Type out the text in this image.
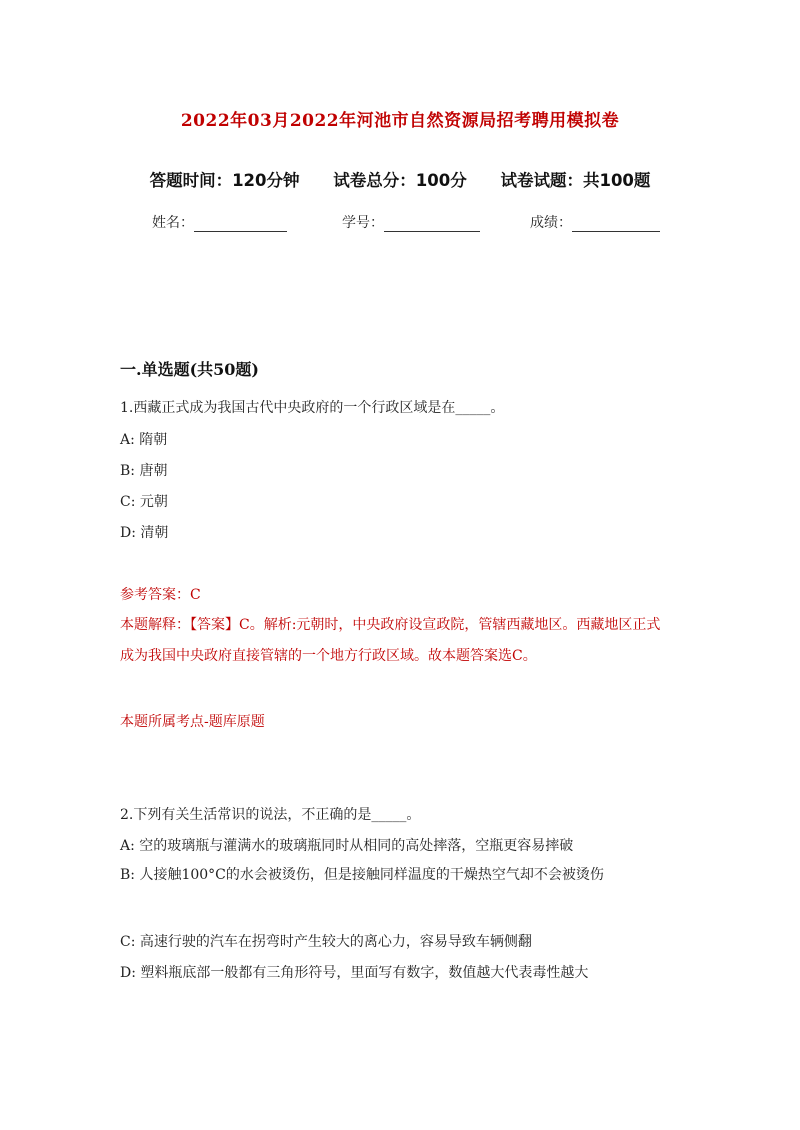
2022年03月2022年河池市自然资源局招考聘用模拟卷
答题时间：120分钟 试卷总分：100分 试卷试题：共100题
姓名：	学号：	成绩：
一.单选题(共50题)
1.西藏正式成为我国古代中央政府的一个行政区域是在_____。
A: 隋朝
B: 唐朝
C: 元朝
D: 清朝
参考答案：C
本题解释：【答案】C。解析:元朝时，中央政府设宣政院，管辖西藏地区。西藏地区正式成为我国中央政府直接管辖的一个地方行政区域。故本题答案选C。
本题所属考点-题库原题
2.下列有关生活常识的说法，不正确的是_____。
A: 空的玻璃瓶与灌满水的玻璃瓶同时从相同的高处摔落，空瓶更容易摔破
B: 人接触100°C的水会被烫伤，但是接触同样温度的干燥热空气却不会被烫伤
C: 高速行驶的汽车在拐弯时产生较大的离心力，容易导致车辆侧翻
D: 塑料瓶底部一般都有三角形符号，里面写有数字，数值越大代表毒性越大
